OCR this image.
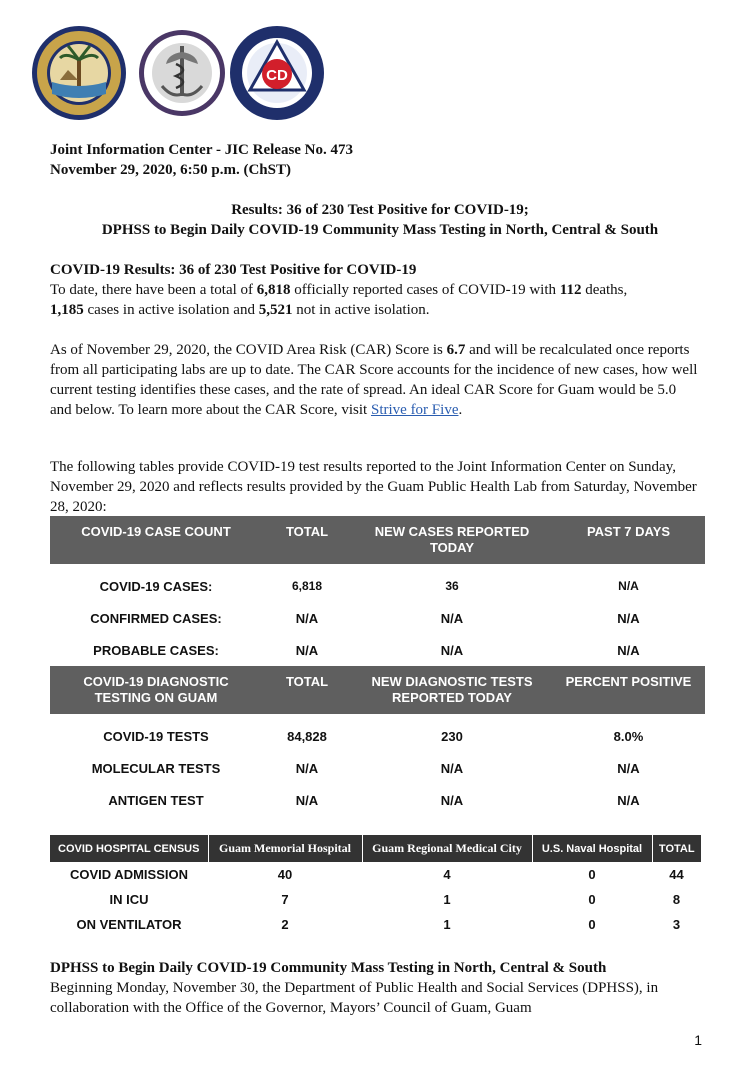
CD
Joint Information Center - JIC Release No. 473
November 29, 2020, 6:50 p.m. (ChST)
Results: 36 of 230 Test Positive for COVID-19;
DPHSS to Begin Daily COVID-19 Community Mass Testing in North, Central & South
COVID-19 Results: 36 of 230 Test Positive for COVID-19
To date, there have been a total of 6,818 officially reported cases of COVID-19 with 112 deaths,
1,185 cases in active isolation and 5,521 not in active isolation.
As of November 29, 2020, the COVID Area Risk (CAR) Score is 6.7 and will be recalculated once reports from all participating labs are up to date. The CAR Score accounts for the incidence of new cases, how well current testing identifies these cases, and the rate of spread. An ideal CAR Score for Guam would be 5.0 and below. To learn more about the CAR Score, visit Strive for Five.
The following tables provide COVID-19 test results reported to the Joint Information Center on Sunday, November 29, 2020 and reflects results provided by the Guam Public Health Lab from Saturday, November 28, 2020:
COVID-19 CASE COUNT	TOTAL	NEW CASES REPORTED TODAY	PAST 7 DAYS

COVID-19 CASES:	6,818	36	N/A
CONFIRMED CASES:	N/A	N/A	N/A
PROBABLE CASES:	N/A	N/A	N/A
COVID-19 DIAGNOSTIC TESTING ON GUAM	TOTAL	NEW DIAGNOSTIC TESTS REPORTED TODAY	PERCENT POSITIVE

COVID-19 TESTS	84,828	230	8.0%
MOLECULAR TESTS	N/A	N/A	N/A
ANTIGEN TEST	N/A	N/A	N/A
COVID HOSPITAL CENSUS	Guam Memorial Hospital	Guam Regional Medical City	U.S. Naval Hospital	TOTAL
COVID ADMISSION	40	4	0	44
IN ICU	7	1	0	8
ON VENTILATOR	2	1	0	3
DPHSS to Begin Daily COVID-19 Community Mass Testing in North, Central & South
Beginning Monday, November 30, the Department of Public Health and Social Services (DPHSS), in collaboration with the Office of the Governor, Mayors’ Council of Guam, Guam
1
